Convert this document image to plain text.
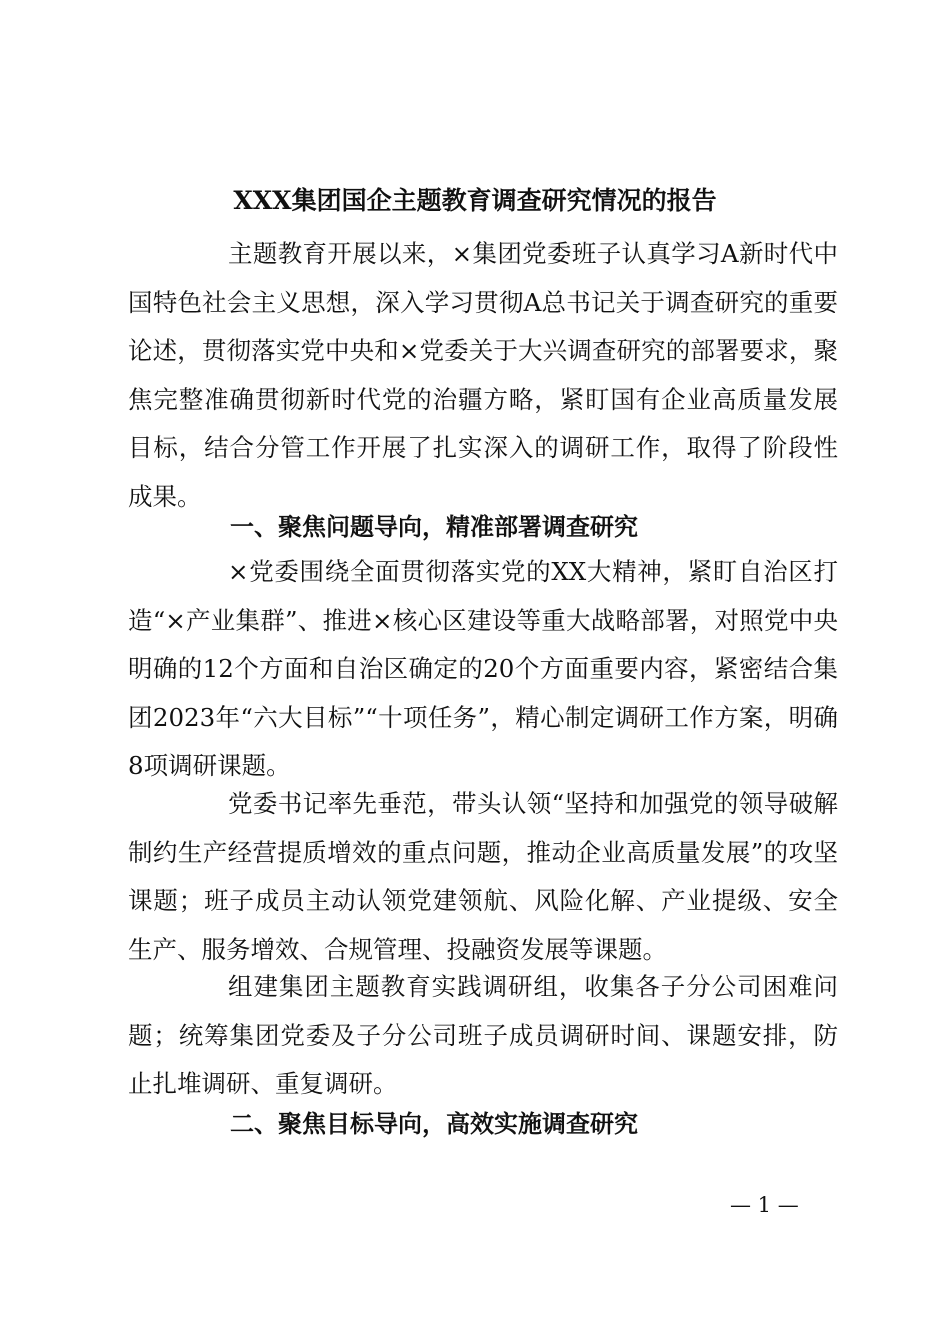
XXX集团国企主题教育调查研究情况的报告

主题教育开展以来，×集团党委班子认真学习A新时代中国特色社会主义思想，深入学习贯彻A总书记关于调查研究的重要论述，贯彻落实党中央和×党委关于大兴调查研究的部署要求，聚焦完整准确贯彻新时代党的治疆方略，紧盯国有企业高质量发展目标，结合分管工作开展了扎实深入的调研工作，取得了阶段性成果。

一、聚焦问题导向，精准部署调查研究

×党委围绕全面贯彻落实党的XX大精神，紧盯自治区打造“×产业集群”、推进×核心区建设等重大战略部署，对照党中央明确的12个方面和自治区确定的20个方面重要内容，紧密结合集团2023年“六大目标”“十项任务”，精心制定调研工作方案，明确8项调研课题。

党委书记率先垂范，带头认领“坚持和加强党的领导破解制约生产经营提质增效的重点问题，推动企业高质量发展”的攻坚课题；班子成员主动认领党建领航、风险化解、产业提级、安全生产、服务增效、合规管理、投融资发展等课题。

组建集团主题教育实践调研组，收集各子分公司困难问题；统筹集团党委及子分公司班子成员调研时间、课题安排，防止扎堆调研、重复调研。

二、聚焦目标导向，高效实施调查研究
— 1 —
